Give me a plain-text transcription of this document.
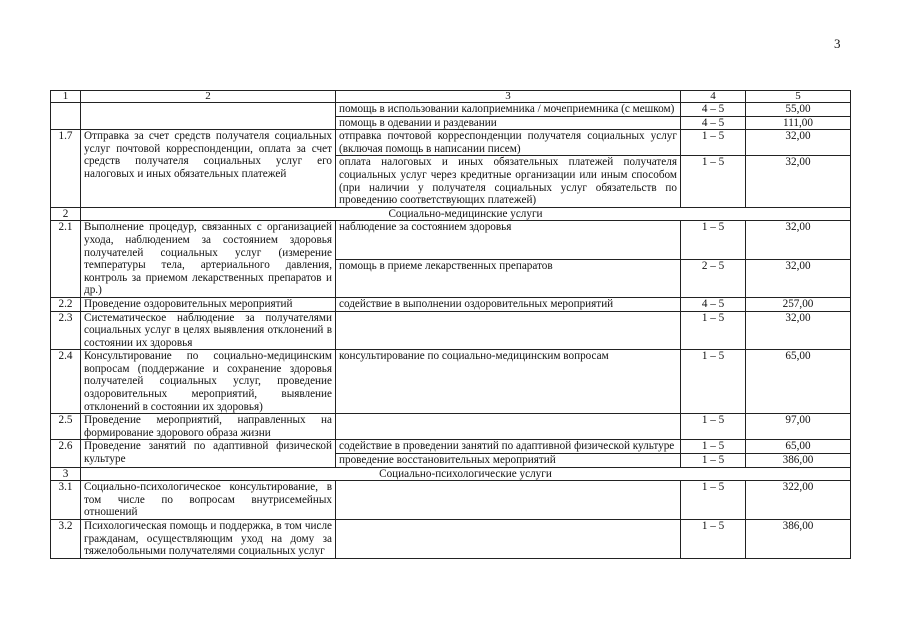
3
1	2	3	4	5
		помощь в использовании калоприемника / мочеприемника (с мешком)	4 – 5	55,00
		помощь в одевании и раздевании	4 – 5	111,00
1.7	Отправка за счет средств получателя социальных услуг почтовой корреспонденции, оплата за счет средств получателя социальных услуг его налоговых и иных обязательных платежей	отправка почтовой корреспонденции получателя социальных услуг (включая помощь в написании писем)	1 – 5	32,00
		оплата налоговых и иных обязательных платежей получателя социальных услуг через кредитные организации или иным способом (при наличии у получателя социальных услуг обязательств по проведению соответствующих платежей)	1 – 5	32,00
2	Социально-медицинские услуги			
2.1	Выполнение процедур, связанных с организацией ухода, наблюдением за состоянием здоровья получателей социальных услуг (измерение температуры тела, артериального давления, контроль за приемом лекарственных препаратов и др.)	наблюдение за состоянием здоровья	1 – 5	32,00
		помощь в приеме лекарственных препаратов	2 – 5	32,00
2.2	Проведение оздоровительных мероприятий	содействие в выполнении оздоровительных мероприятий	4 – 5	257,00
2.3	Систематическое наблюдение за получателями социальных услуг в целях выявления отклонений в состоянии их здоровья		1 – 5	32,00
2.4	Консультирование по социально-медицинским вопросам (поддержание и сохранение здоровья получателей социальных услуг, проведение оздоровительных мероприятий, выявление отклонений в состоянии их здоровья)	консультирование по социально-медицинским вопросам	1 – 5	65,00
2.5	Проведение мероприятий, направленных на формирование здорового образа жизни		1 – 5	97,00
2.6	Проведение занятий по адаптивной физической культуре	содействие в проведении занятий по адаптивной физической культуре	1 – 5	65,00
		проведение восстановительных мероприятий	1 – 5	386,00
3	Социально-психологические услуги			
3.1	Социально-психологическое консультирование, в том числе по вопросам внутрисемейных отношений		1 – 5	322,00
3.2	Психологическая помощь и поддержка, в том числе гражданам, осуществляющим уход на дому за тяжелобольными получателями социальных услуг		1 – 5	386,00
